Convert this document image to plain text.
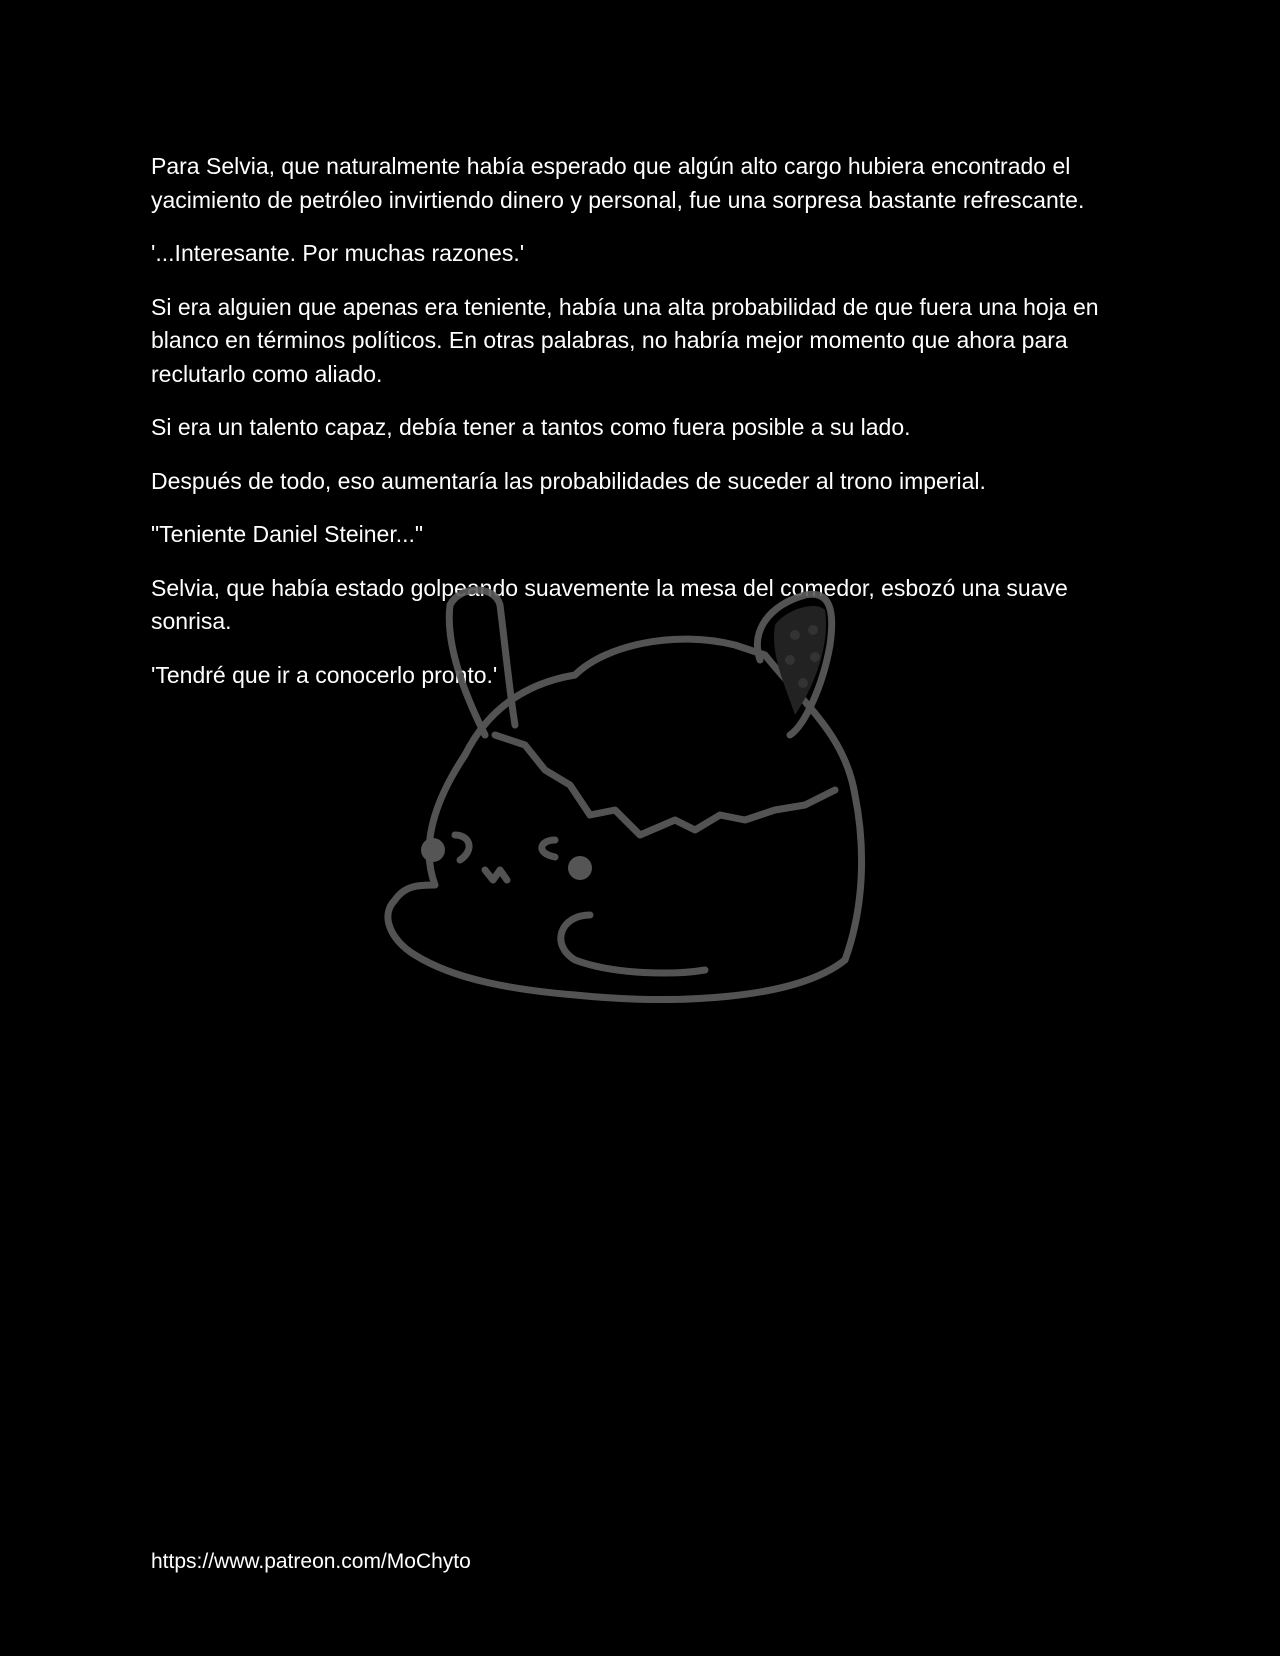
Para Selvia, que naturalmente había esperado que algún alto cargo hubiera encontrado el yacimiento de petróleo invirtiendo dinero y personal, fue una sorpresa bastante refrescante.

'...Interesante. Por muchas razones.'

Si era alguien que apenas era teniente, había una alta probabilidad de que fuera una hoja en blanco en términos políticos. En otras palabras, no habría mejor momento que ahora para reclutarlo como aliado.

Si era un talento capaz, debía tener a tantos como fuera posible a su lado.

Después de todo, eso aumentaría las probabilidades de suceder al trono imperial.

"Teniente Daniel Steiner..."

Selvia, que había estado golpeando suavemente la mesa del comedor, esbozó una suave sonrisa.

'Tendré que ir a conocerlo pronto.'

https://www.patreon.com/MoChyto
